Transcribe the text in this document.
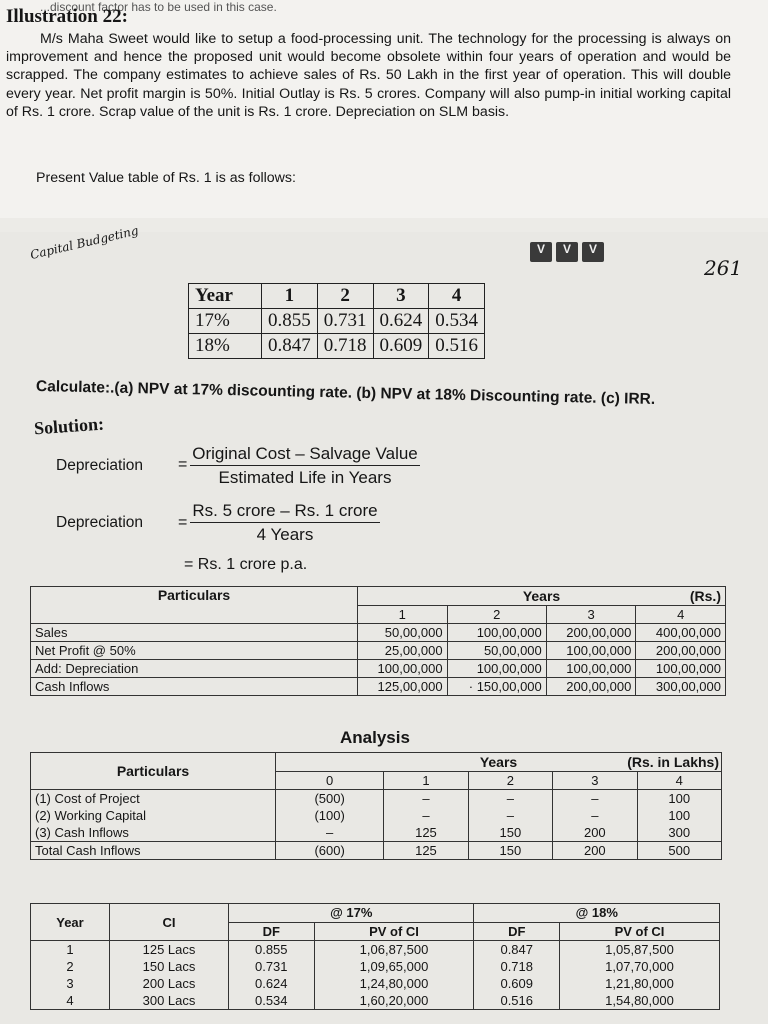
...discount factor has to be used in this case.
Illustration 22:
M/s Maha Sweet would like to setup a food-processing unit. The technology for the processing is always on improvement and hence the proposed unit would become obsolete within four years of operation and would be scrapped. The company estimates to achieve sales of Rs. 50 Lakh in the first year of operation. This will double every year. Net profit margin is 50%. Initial Outlay is Rs. 5 crores. Company will also pump-in initial working capital of Rs. 1 crore. Scrap value of the unit is Rs. 1 crore. Depreciation on SLM basis.
Present Value table of Rs. 1 is as follows:
Capital Budgeting	V	V	V
261
Year	1	2	3	4
17%	0.855	0.731	0.624	0.534
18%	0.847	0.718	0.609	0.516
Calculate:.(a) NPV at 17% discounting rate. (b) NPV at 18% Discounting rate. (c) IRR.
Solution:
Depreciation =
Original Cost – Salvage Value
Estimated Life in Years
Depreciation =
Rs. 5 crore – Rs. 1 crore
4 Years
= Rs. 1 crore p.a.
Particulars	Years (Rs.)			

	1	2	3	4
Sales	50,00,000	100,00,000	200,00,000	400,00,000
Net Profit @ 50%	25,00,000	50,00,000	100,00,000	200,00,000
Add: Depreciation	100,00,000	100,00,000	100,00,000	100,00,000
Cash Inflows	125,00,000	· 150,00,000	200,00,000	300,00,000
Analysis
Particulars	Years (Rs. in Lakhs)				

	0	1	2	3	4
(1) Cost of Project	(500)	–	–	–	100
(2) Working Capital	(100)	–	–	–	100
(3) Cash Inflows	–	125	150	200	300
Total Cash Inflows	(600)	125	150	200	500
Year	CI	@ 17%		@ 18%	
		DF	PV of CI	DF	PV of CI
1	125 Lacs	0.855	1,06,87,500	0.847	1,05,87,500
2	150 Lacs	0.731	1,09,65,000	0.718	1,07,70,000
3	200 Lacs	0.624	1,24,80,000	0.609	1,21,80,000
4	300 Lacs	0.534	1,60,20,000	0.516	1,54,80,000
